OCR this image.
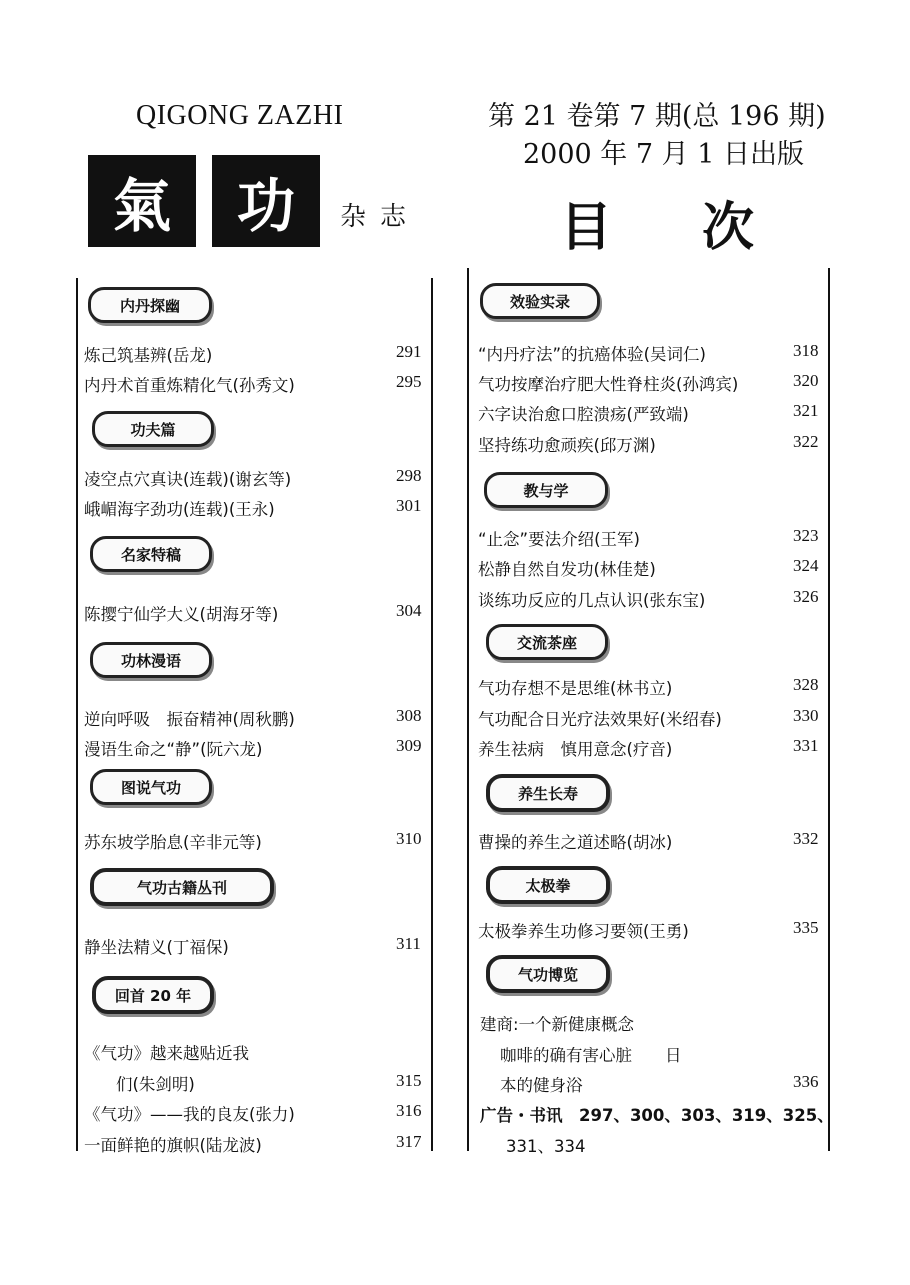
QIGONG ZAZHI
氣	功	杂志
第 21 卷第 7 期(总 196 期)
2000 年 7 月 1 日出版
目次
内丹探幽
炼己筑基辨(岳龙)	291
内丹术首重炼精化气(孙秀文)	295
功夫篇
凌空点穴真诀(连载)(谢玄等)	298
峨嵋海字劲功(连载)(王永)	301
名家特稿
陈撄宁仙学大义(胡海牙等)	304
功林漫语
逆向呼吸　振奋精神(周秋鹏)	308
漫语生命之“静”(阮六龙)	309
图说气功
苏东坡学胎息(辛非元等)	310
气功古籍丛刊
静坐法精义(丁福保)	311
回首 20 年
《气功》越来越贴近我
们(朱剑明)	315
《气功》——我的良友(张力)	316
一面鲜艳的旗帜(陆龙波)	317
效验实录
“内丹疗法”的抗癌体验(吴词仁)	318
气功按摩治疗肥大性脊柱炎(孙鸿宾)	320
六字诀治愈口腔溃疡(严致端)	321
坚持练功愈顽疾(邱万渊)	322
教与学
“止念”要法介绍(王军)	323
松静自然自发功(林佳楚)	324
谈练功反应的几点认识(张东宝)	326
交流茶座
气功存想不是思维(林书立)	328
气功配合日光疗法效果好(米绍春)	330
养生祛病　慎用意念(疗音)	331
养生长寿
曹操的养生之道述略(胡冰)	332
太极拳
太极拳养生功修习要领(王勇)	335
气功博览
建商:一个新健康概念
咖啡的确有害心脏　　日
本的健身浴	336
广告・书讯　297、300、303、319、325、
331、334
